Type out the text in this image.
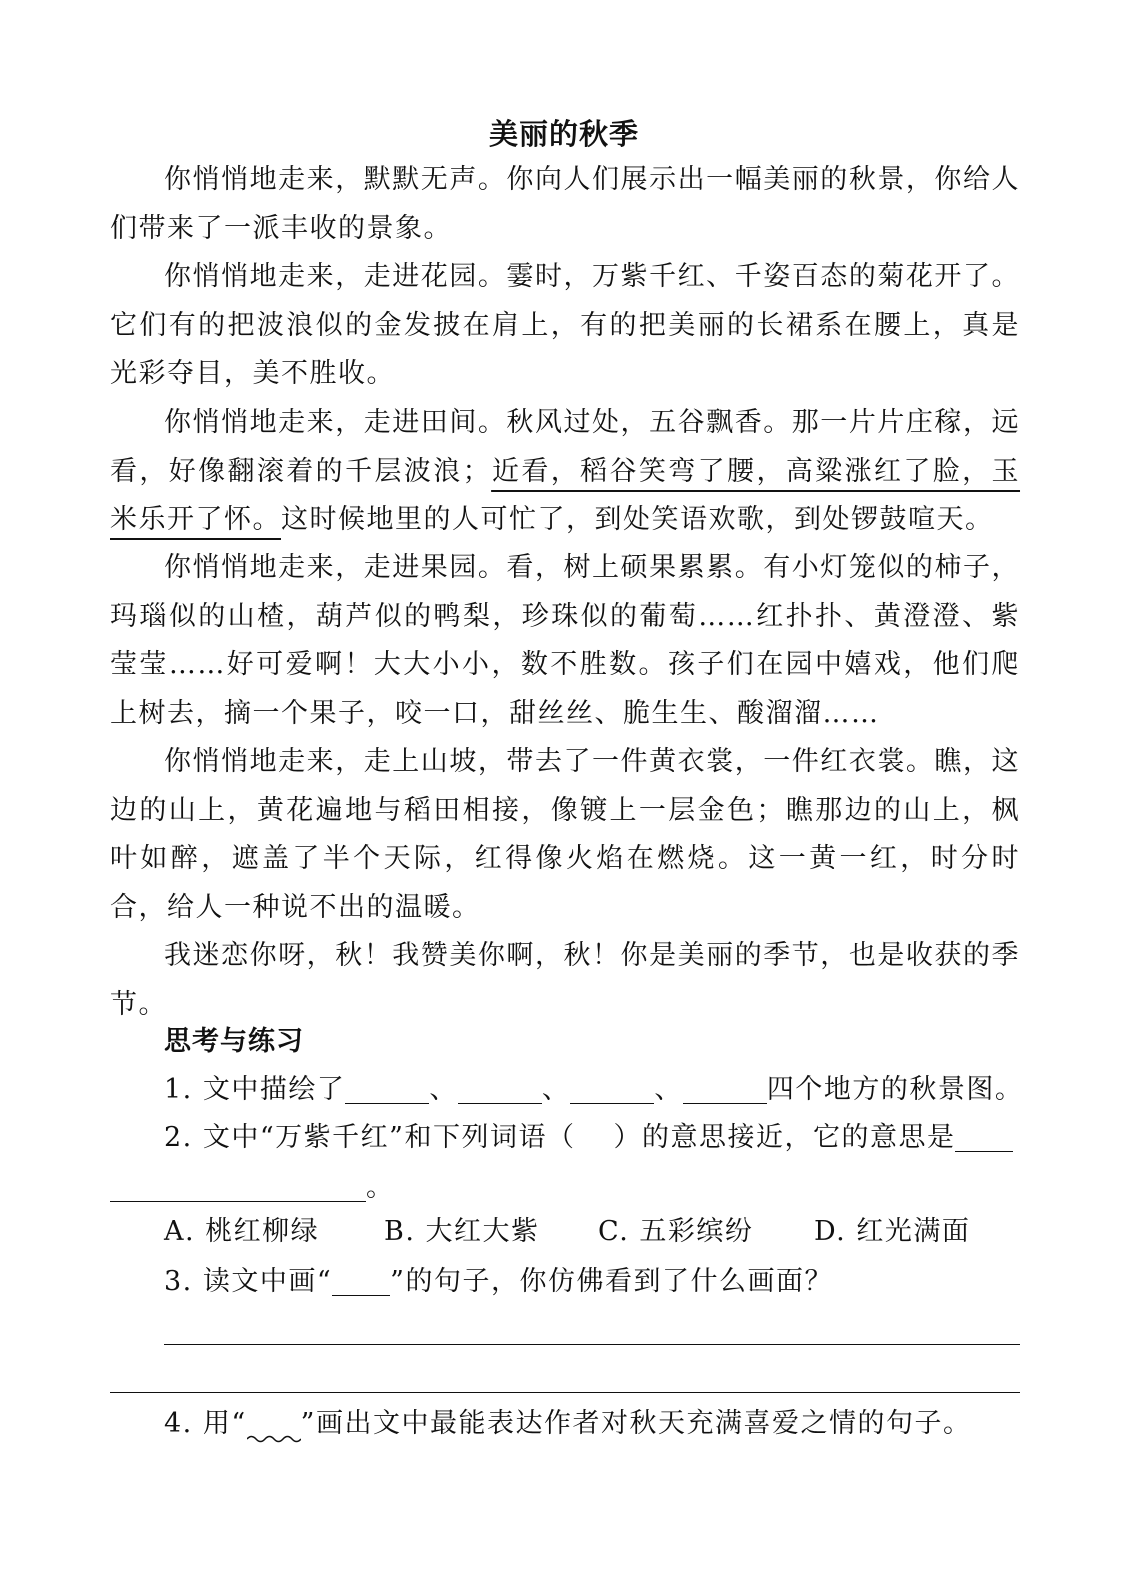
美丽的秋季

你悄悄地走来，默默无声。你向人们展示出一幅美丽的秋景，你给人们带来了一派丰收的景象。

你悄悄地走来，走进花园。霎时，万紫千红、千姿百态的菊花开了。它们有的把波浪似的金发披在肩上，有的把美丽的长裙系在腰上，真是光彩夺目，美不胜收。

你悄悄地走来，走进田间。秋风过处，五谷飘香。那一片片庄稼，远看，好像翻滚着的千层波浪；近看，稻谷笑弯了腰，高粱涨红了脸，玉米乐开了怀。这时候地里的人可忙了，到处笑语欢歌，到处锣鼓喧天。

你悄悄地走来，走进果园。看，树上硕果累累。有小灯笼似的柿子，玛瑙似的山楂，葫芦似的鸭梨，珍珠似的葡萄……红扑扑、黄澄澄、紫莹莹……好可爱啊！大大小小，数不胜数。孩子们在园中嬉戏，他们爬上树去，摘一个果子，咬一口，甜丝丝、脆生生、酸溜溜……

你悄悄地走来，走上山坡，带去了一件黄衣裳，一件红衣裳。瞧，这边的山上，黄花遍地与稻田相接，像镀上一层金色；瞧那边的山上，枫叶如醉，遮盖了半个天际，红得像火焰在燃烧。这一黄一红，时分时合，给人一种说不出的温暖。

我迷恋你呀，秋！我赞美你啊，秋！你是美丽的季节，也是收获的季节。

思考与练习
1. 文中描绘了	、	、	、	四个地方的秋景图。
2. 文中“万紫千红”和下列词语（ ）的意思接近，它的意思是
。
A. 桃红柳绿 B. 大红大紫 C. 五彩缤纷 D. 红光满面
3. 读文中画“ ”的句子，你仿佛看到了什么画面？
4. 用“ ”画出文中最能表达作者对秋天充满喜爱之情的句子。
